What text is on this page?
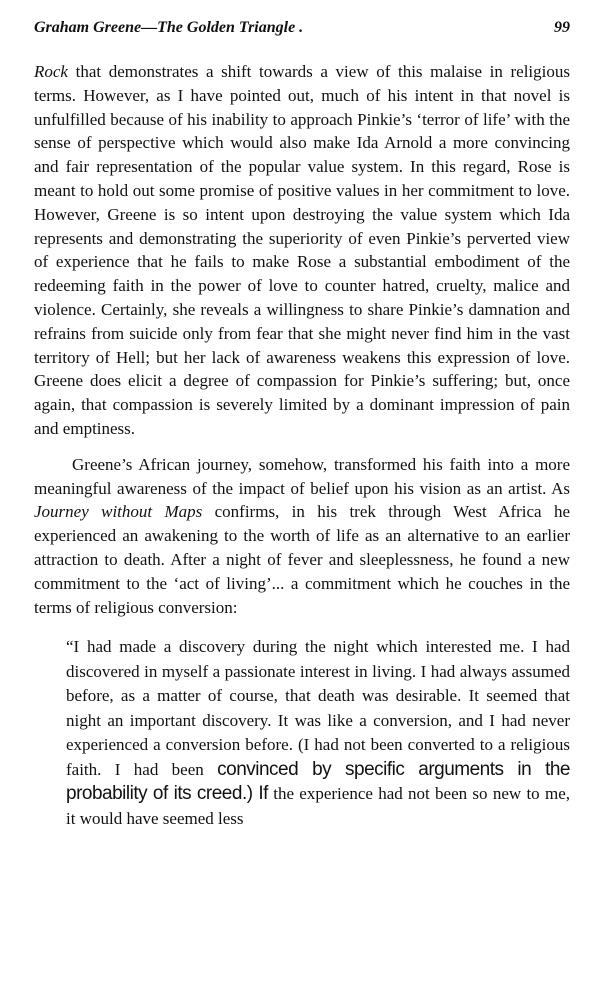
Graham Greene—The Golden Triangle .	99

Rock that demonstrates a shift towards a view of this malaise in religious terms. However, as I have pointed out, much of his intent in that novel is unfulfilled because of his inability to approach Pinkie’s ‘terror of life’ with the sense of perspective which would also make Ida Arnold a more convincing and fair representation of the popular value system. In this regard, Rose is meant to hold out some promise of positive values in her commitment to love. However, Greene is so intent upon destroying the value system which Ida represents and demonstrating the superiority of even Pinkie’s perverted view of experience that he fails to make Rose a substantial embodiment of the redeeming faith in the power of love to counter hatred, cruelty, malice and violence. Certainly, she reveals a willingness to share Pinkie’s damnation and refrains from suicide only from fear that she might never find him in the vast territory of Hell; but her lack of awareness weakens this expression of love. Greene does elicit a degree of compassion for Pinkie’s suffering; but, once again, that compassion is severely limited by a dominant impression of pain and emptiness.

Greene’s African journey, somehow, transformed his faith into a more meaningful awareness of the impact of belief upon his vision as an artist. As Journey without Maps confirms, in his trek through West Africa he experienced an awakening to the worth of life as an alternative to an earlier attraction to death. After a night of fever and sleeplessness, he found a new commitment to the ‘act of living’... a commitment which he couches in the terms of religious conversion:

“I had made a discovery during the night which interested me. I had discovered in myself a passionate interest in living. I had always assumed before, as a matter of course, that death was desirable. It seemed that night an important discovery. It was like a conversion, and I had never experienced a conversion before. (I had not been converted to a religious faith. I had been convinced by specific arguments in the probability of its creed.) If the experience had not been so new to me, it would have seemed less
